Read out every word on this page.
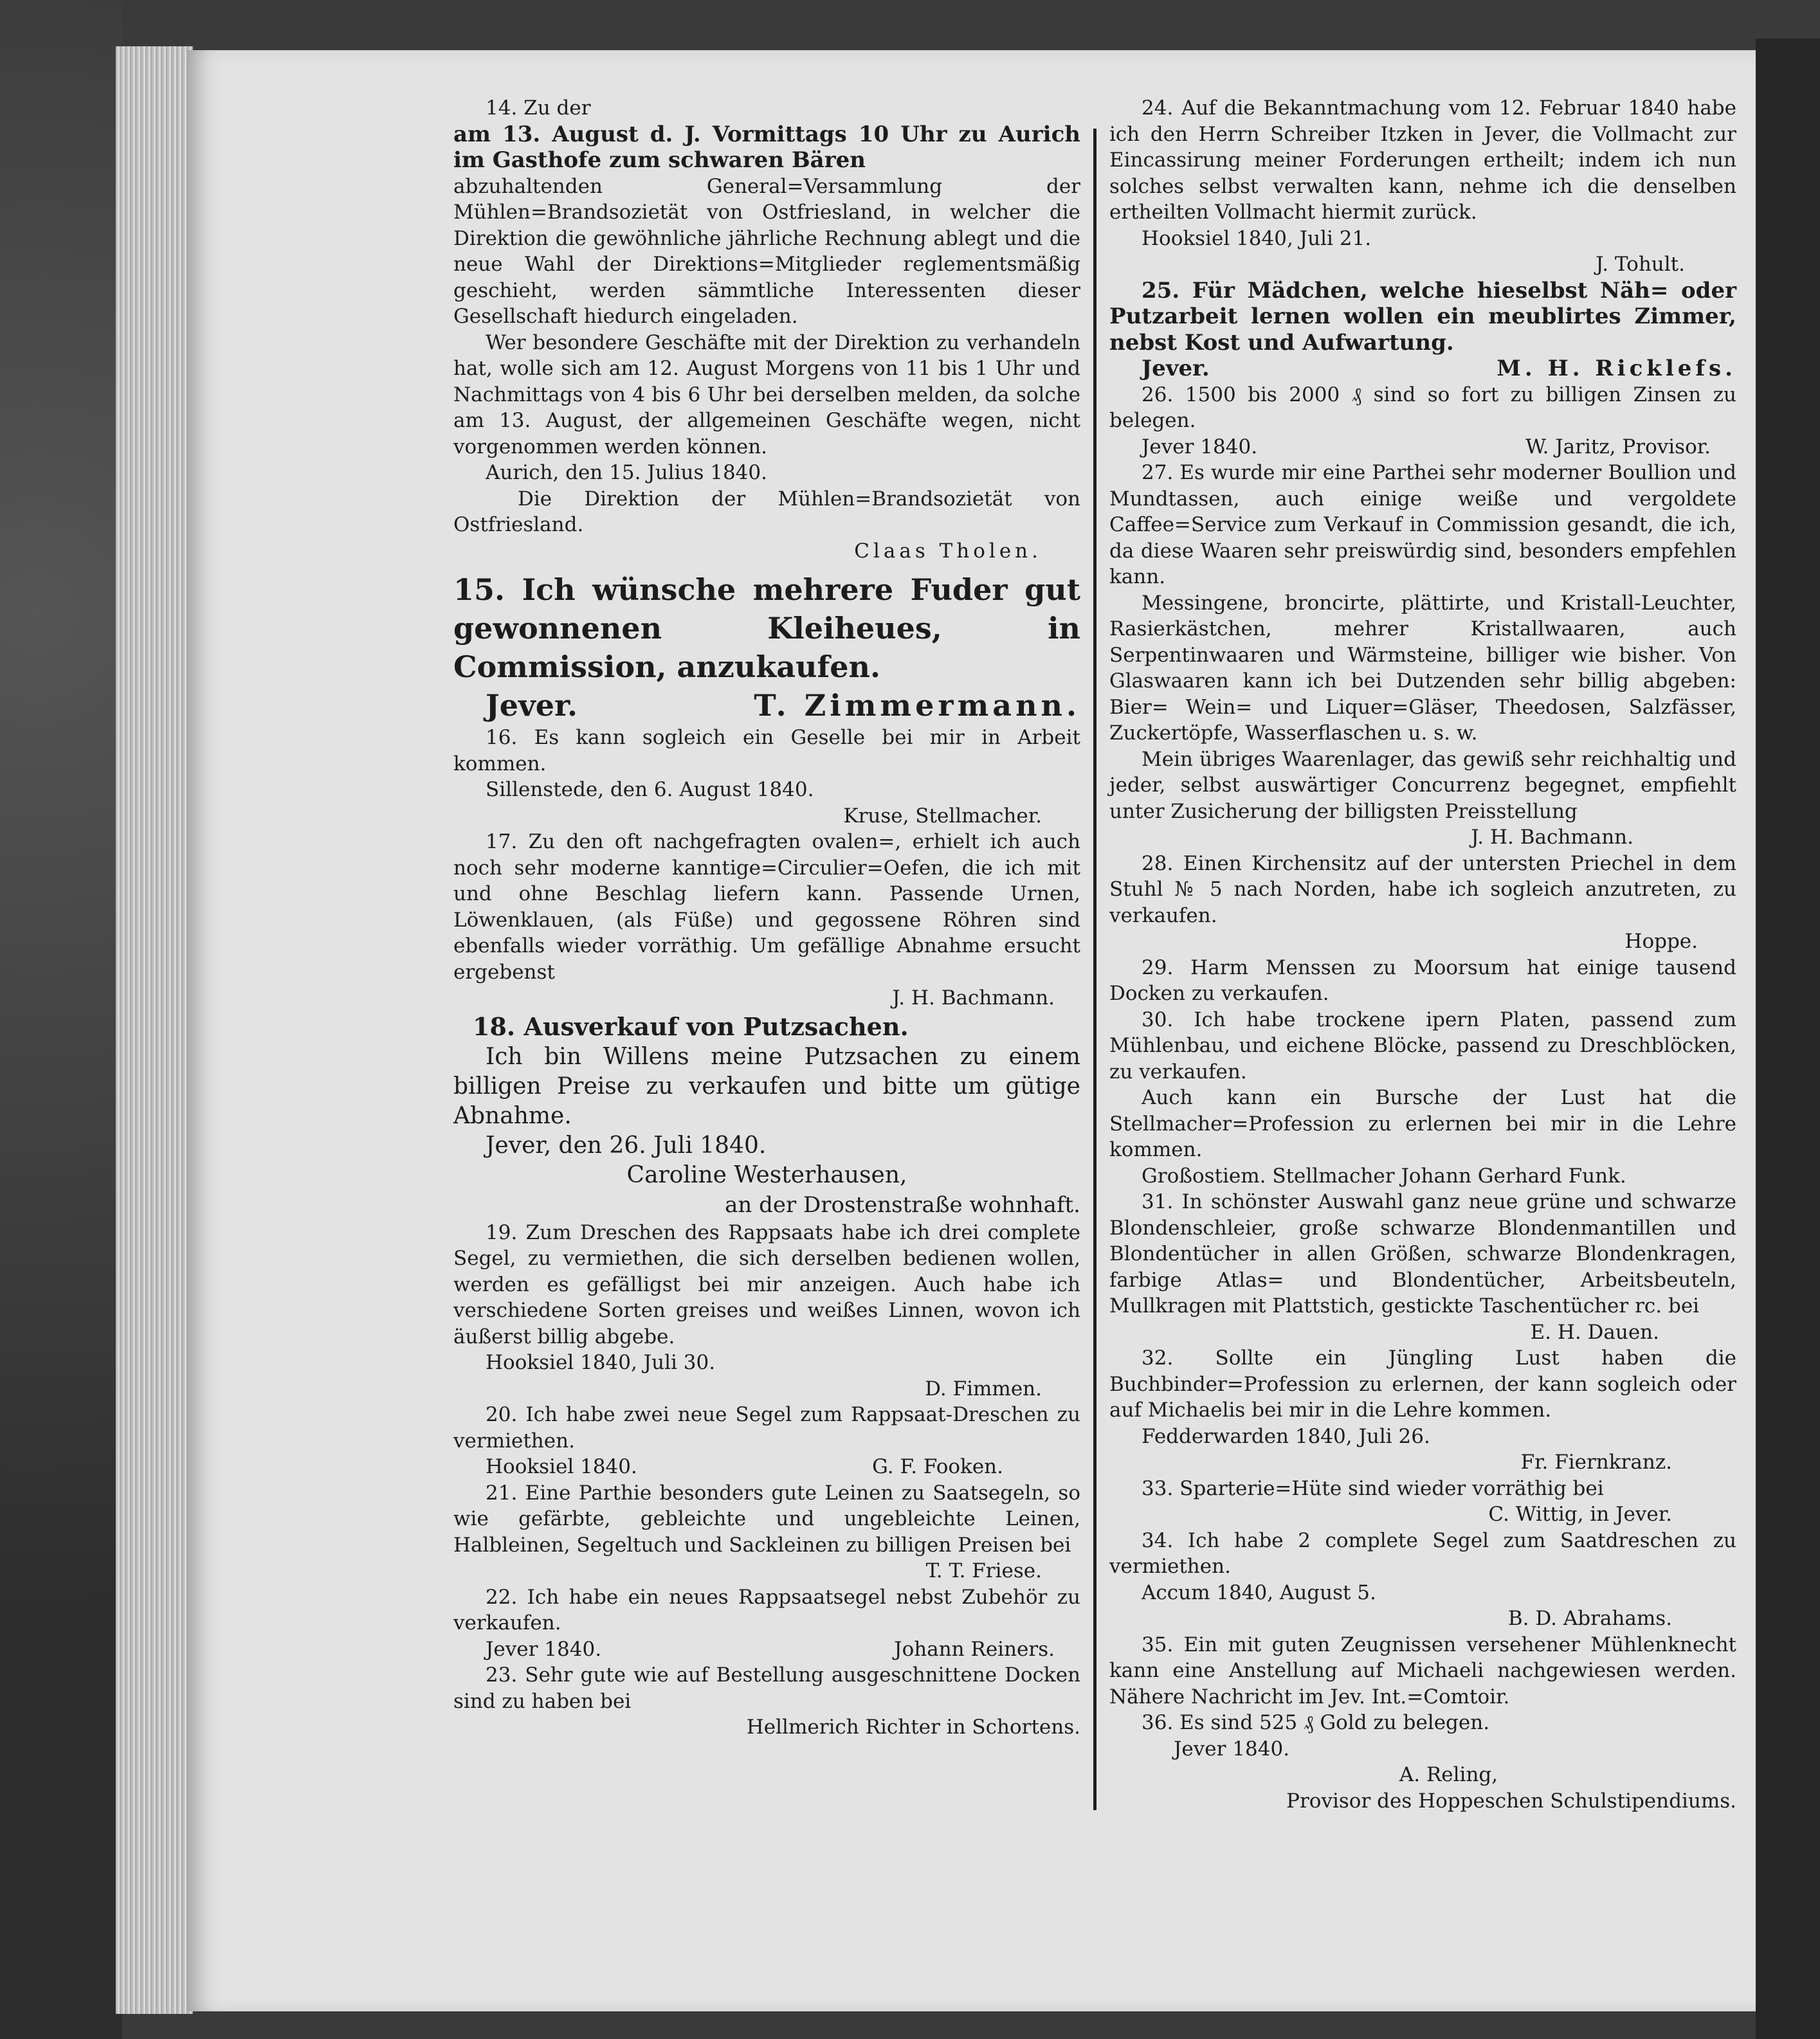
14. Zu der

am 13. August d. J. Vormittags 10 Uhr zu Aurich im Gasthofe zum schwaren Bären

abzuhaltenden General=Versammlung der Mühlen=Brandsozietät von Ostfriesland, in welcher die Direktion die gewöhnliche jährliche Rechnung ablegt und die neue Wahl der Direktions=Mitglieder reglementsmäßig geschieht, werden sämmtliche Interessenten dieser Gesellschaft hiedurch eingeladen.

Wer besondere Geschäfte mit der Direktion zu verhandeln hat, wolle sich am 12. August Morgens von 11 bis 1 Uhr und Nachmittags von 4 bis 6 Uhr bei derselben melden, da solche am 13. August, der allgemeinen Geschäfte wegen, nicht vorgenommen werden können.

Aurich, den 15. Julius 1840.

Die Direktion der Mühlen=Brandsozietät von Ostfriesland.

Claas Tholen.

15. Ich wünsche mehrere Fuder gut gewonnenen Kleiheues, in Commission, anzukaufen.

Jever.	T. Zimmermann.

16. Es kann sogleich ein Geselle bei mir in Arbeit kommen.

Sillenstede, den 6. August 1840.

Kruse, Stellmacher.

17. Zu den oft nachgefragten ovalen=, erhielt ich auch noch sehr moderne kanntige=Circulier=Oefen, die ich mit und ohne Beschlag liefern kann. Passende Urnen, Löwenklauen, (als Füße) und gegossene Röhren sind ebenfalls wieder vorräthig. Um gefällige Abnahme ersucht ergebenst

J. H. Bachmann.

18. Ausverkauf von Putzsachen.

Ich bin Willens meine Putzsachen zu einem billigen Preise zu verkaufen und bitte um gütige Abnahme.

Jever, den 26. Juli 1840.

Caroline Westerhausen,

an der Drostenstraße wohnhaft.

19. Zum Dreschen des Rappsaats habe ich drei complete Segel, zu vermiethen, die sich derselben bedienen wollen, werden es gefälligst bei mir anzeigen. Auch habe ich verschiedene Sorten greises und weißes Linnen, wovon ich äußerst billig abgebe.

Hooksiel 1840, Juli 30.

D. Fimmen.

20. Ich habe zwei neue Segel zum Rappsaat-Dreschen zu vermiethen.

Hooksiel 1840.	G. F. Fooken.

21. Eine Parthie besonders gute Leinen zu Saatsegeln, so wie gefärbte, gebleichte und ungebleichte Leinen, Halbleinen, Segeltuch und Sackleinen zu billigen Preisen bei

T. T. Friese.

22. Ich habe ein neues Rappsaatsegel nebst Zubehör zu verkaufen.

Jever 1840.	Johann Reiners.

23. Sehr gute wie auf Bestellung ausgeschnittene Docken sind zu haben bei

Hellmerich Richter in Schortens.

24. Auf die Bekanntmachung vom 12. Februar 1840 habe ich den Herrn Schreiber Itzken in Jever, die Vollmacht zur Eincassirung meiner Forderungen ertheilt; indem ich nun solches selbst verwalten kann, nehme ich die denselben ertheilten Vollmacht hiermit zurück.

Hooksiel 1840, Juli 21.

J. Tohult.

25. Für Mädchen, welche hieselbst Näh= oder Putzarbeit lernen wollen ein meublirtes Zimmer, nebst Kost und Aufwartung.

Jever.	M. H. Ricklefs.

26. 1500 bis 2000 ₰ sind so fort zu billigen Zinsen zu belegen.

Jever 1840.	W. Jaritz, Provisor.

27. Es wurde mir eine Parthei sehr moderner Boullion und Mundtassen, auch einige weiße und vergoldete Caffee=Service zum Verkauf in Commission gesandt, die ich, da diese Waaren sehr preiswürdig sind, besonders empfehlen kann.

Messingene, broncirte, plättirte, und Kristall-Leuchter, Rasierkästchen, mehrer Kristallwaaren, auch Serpentinwaaren und Wärmsteine, billiger wie bisher. Von Glaswaaren kann ich bei Dutzenden sehr billig abgeben: Bier= Wein= und Liquer=Gläser, Theedosen, Salzfässer, Zuckertöpfe, Wasserflaschen u. s. w.

Mein übriges Waarenlager, das gewiß sehr reichhaltig und jeder, selbst auswärtiger Concurrenz begegnet, empfiehlt unter Zusicherung der billigsten Preisstellung

J. H. Bachmann.

28. Einen Kirchensitz auf der untersten Priechel in dem Stuhl № 5 nach Norden, habe ich sogleich anzutreten, zu verkaufen.

Hoppe.

29. Harm Menssen zu Moorsum hat einige tausend Docken zu verkaufen.

30. Ich habe trockene ipern Platen, passend zum Mühlenbau, und eichene Blöcke, passend zu Dreschblöcken, zu verkaufen.

Auch kann ein Bursche der Lust hat die Stellmacher=Profession zu erlernen bei mir in die Lehre kommen.

Großostiem. Stellmacher Johann Gerhard Funk.

31. In schönster Auswahl ganz neue grüne und schwarze Blondenschleier, große schwarze Blondenmantillen und Blondentücher in allen Größen, schwarze Blondenkragen, farbige Atlas= und Blondentücher, Arbeitsbeuteln, Mullkragen mit Plattstich, gestickte Taschentücher rc. bei

E. H. Dauen.

32. Sollte ein Jüngling Lust haben die Buchbinder=Profession zu erlernen, der kann sogleich oder auf Michaelis bei mir in die Lehre kommen.

Fedderwarden 1840, Juli 26.

Fr. Fiernkranz.

33. Sparterie=Hüte sind wieder vorräthig bei

C. Wittig, in Jever.

34. Ich habe 2 complete Segel zum Saatdreschen zu vermiethen.

Accum 1840, August 5.

B. D. Abrahams.

35. Ein mit guten Zeugnissen versehener Mühlenknecht kann eine Anstellung auf Michaeli nachgewiesen werden. Nähere Nachricht im Jev. Int.=Comtoir.

36. Es sind 525 ₰ Gold zu belegen.

Jever 1840.

A. Reling,

Provisor des Hoppeschen Schulstipendiums.
